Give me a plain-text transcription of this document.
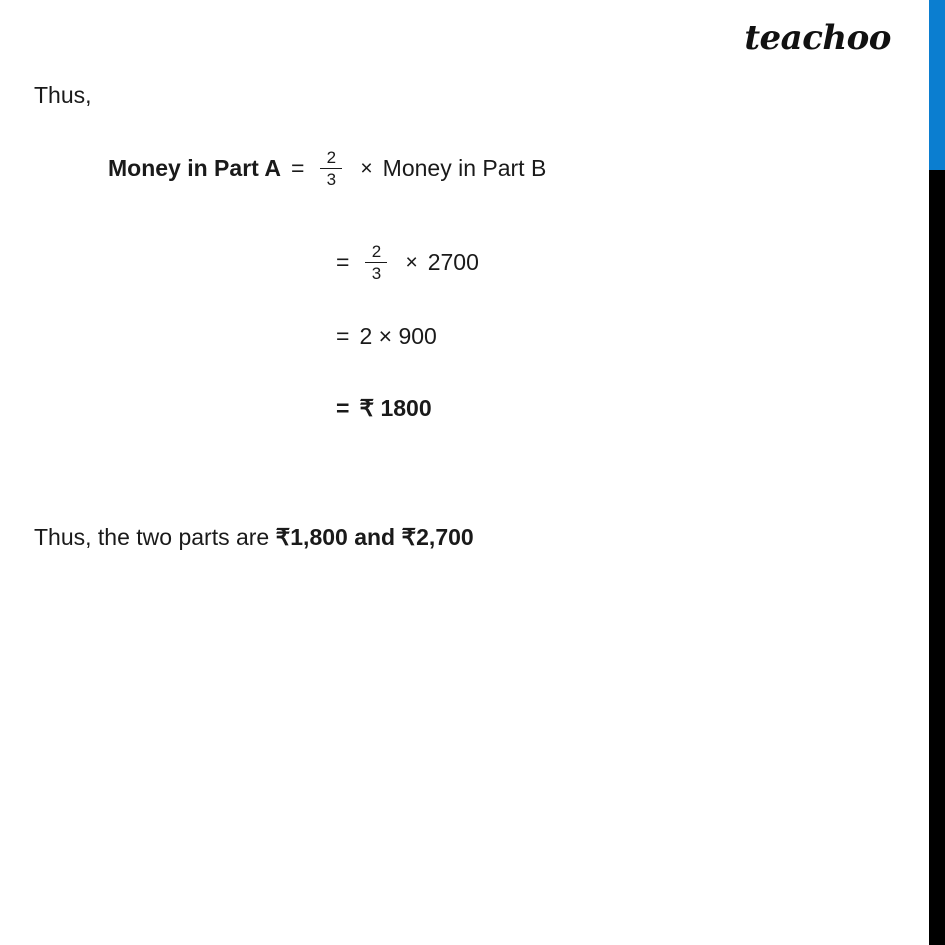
teachoo
Thus,
Money in Part $A = \frac{2}{3}$ × Money in Part B
= $\frac{2}{3} \times 2700$
= 2 × 900
= ₹ 1800
Thus, the two parts are ₹1,800 and ₹2,700
